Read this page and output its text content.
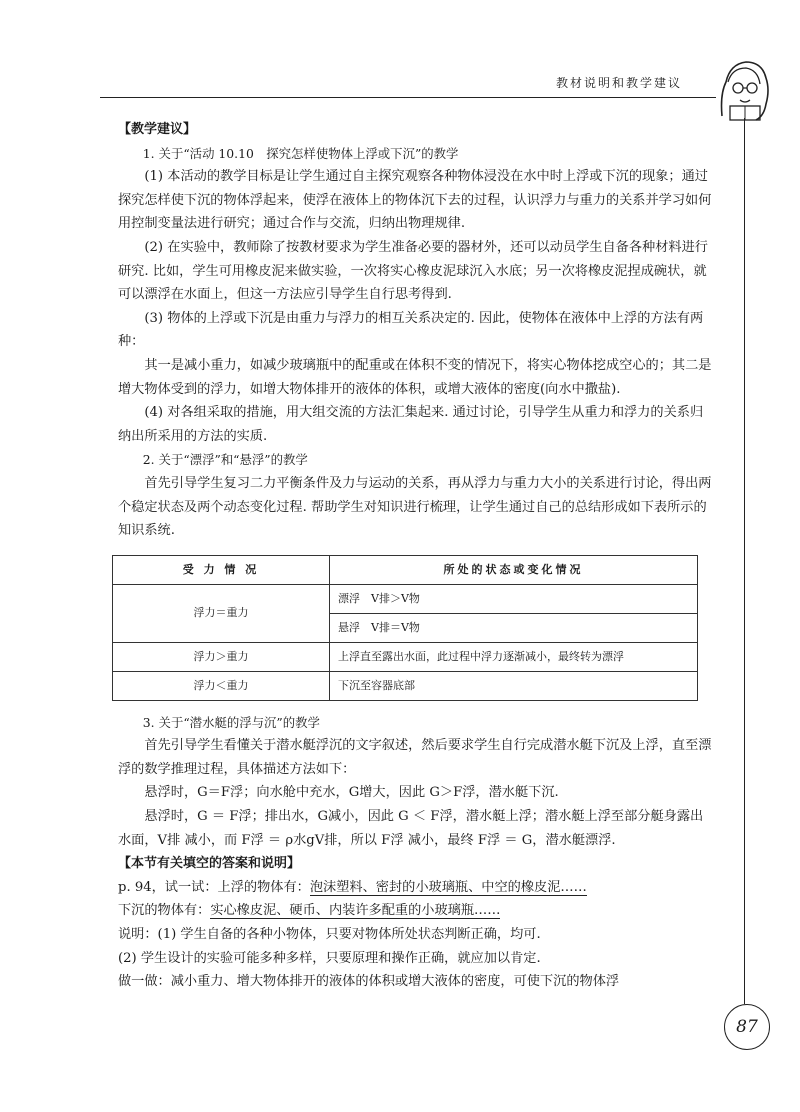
教材说明和教学建议

【教学建议】

1. 关于“活动 10.10　探究怎样使物体上浮或下沉”的教学

(1) 本活动的教学目标是让学生通过自主探究观察各种物体浸没在水中时上浮或下沉的现象；通过探究怎样使下沉的物体浮起来，使浮在液体上的物体沉下去的过程，认识浮力与重力的关系并学习如何用控制变量法进行研究；通过合作与交流，归纳出物理规律.

(2) 在实验中，教师除了按教材要求为学生准备必要的器材外，还可以动员学生自备各种材料进行研究. 比如，学生可用橡皮泥来做实验，一次将实心橡皮泥球沉入水底；另一次将橡皮泥捏成碗状，就可以漂浮在水面上，但这一方法应引导学生自行思考得到.

(3) 物体的上浮或下沉是由重力与浮力的相互关系决定的. 因此，使物体在液体中上浮的方法有两种：

其一是减小重力，如减少玻璃瓶中的配重或在体积不变的情况下，将实心物体挖成空心的；其二是增大物体受到的浮力，如增大物体排开的液体的体积，或增大液体的密度(向水中撒盐).

(4) 对各组采取的措施，用大组交流的方法汇集起来. 通过讨论，引导学生从重力和浮力的关系归纳出所采用的方法的实质.

2. 关于“漂浮”和“悬浮”的教学

首先引导学生复习二力平衡条件及力与运动的关系，再从浮力与重力大小的关系进行讨论，得出两个稳定状态及两个动态变化过程. 帮助学生对知识进行梳理，让学生通过自己的总结形成如下表所示的知识系统.

受 力 情 况	所处的状态或变化情况
浮力＝重力	漂浮　V排＞V物
	悬浮　V排＝V物
浮力＞重力	上浮直至露出水面，此过程中浮力逐渐减小，最终转为漂浮
浮力＜重力	下沉至容器底部

3. 关于“潜水艇的浮与沉”的教学

首先引导学生看懂关于潜水艇浮沉的文字叙述，然后要求学生自行完成潜水艇下沉及上浮，直至漂浮的数学推理过程，具体描述方法如下：

悬浮时，G＝F浮；向水舱中充水，G增大，因此 G＞F浮，潜水艇下沉.

悬浮时，G ＝ F浮；排出水，G减小，因此 G ＜ F浮，潜水艇上浮；潜水艇上浮至部分艇身露出水面，V排 减小，而 F浮 ＝ ρ水gV排，所以 F浮 减小，最终 F浮 ＝ G，潜水艇漂浮.

【本节有关填空的答案和说明】

p. 94，试一试：上浮的物体有：泡沫塑料、密封的小玻璃瓶、中空的橡皮泥……

下沉的物体有：实心橡皮泥、硬币、内装许多配重的小玻璃瓶……

说明：(1) 学生自备的各种小物体，只要对物体所处状态判断正确，均可.

(2) 学生设计的实验可能多种多样，只要原理和操作正确，就应加以肯定.

做一做：减小重力、增大物体排开的液体的体积或增大液体的密度，可使下沉的物体浮

87
